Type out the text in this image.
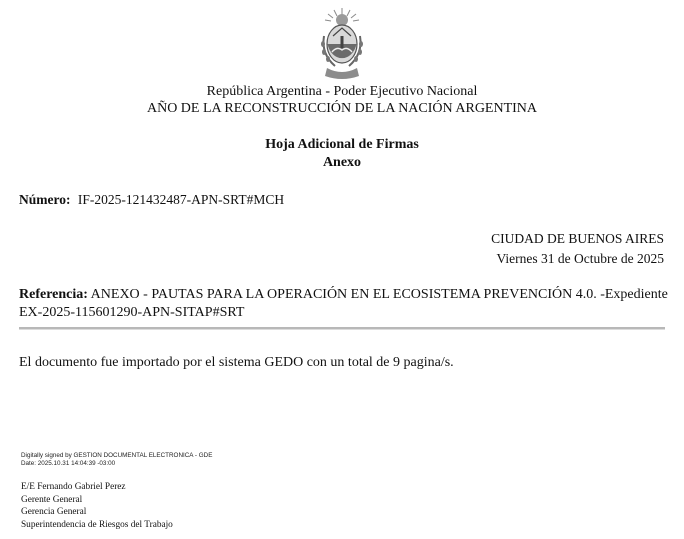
República Argentina - Poder Ejecutivo Nacional
AÑO DE LA RECONSTRUCCIÓN DE LA NACIÓN ARGENTINA
Hoja Adicional de Firmas
Anexo
Número: IF-2025-121432487-APN-SRT#MCH
CIUDAD DE BUENOS AIRES
Viernes 31 de Octubre de 2025
Referencia: ANEXO - PAUTAS PARA LA OPERACIÓN EN EL ECOSISTEMA PREVENCIÓN 4.0. -Expediente EX-2025-115601290-APN-SITAP#SRT
El documento fue importado por el sistema GEDO con un total de 9 pagina/s.
Digitally signed by GESTION DOCUMENTAL ELECTRONICA - GDE
Date: 2025.10.31 14:04:39 -03:00
E/E Fernando Gabriel Perez
Gerente General
Gerencia General
Superintendencia de Riesgos del Trabajo
